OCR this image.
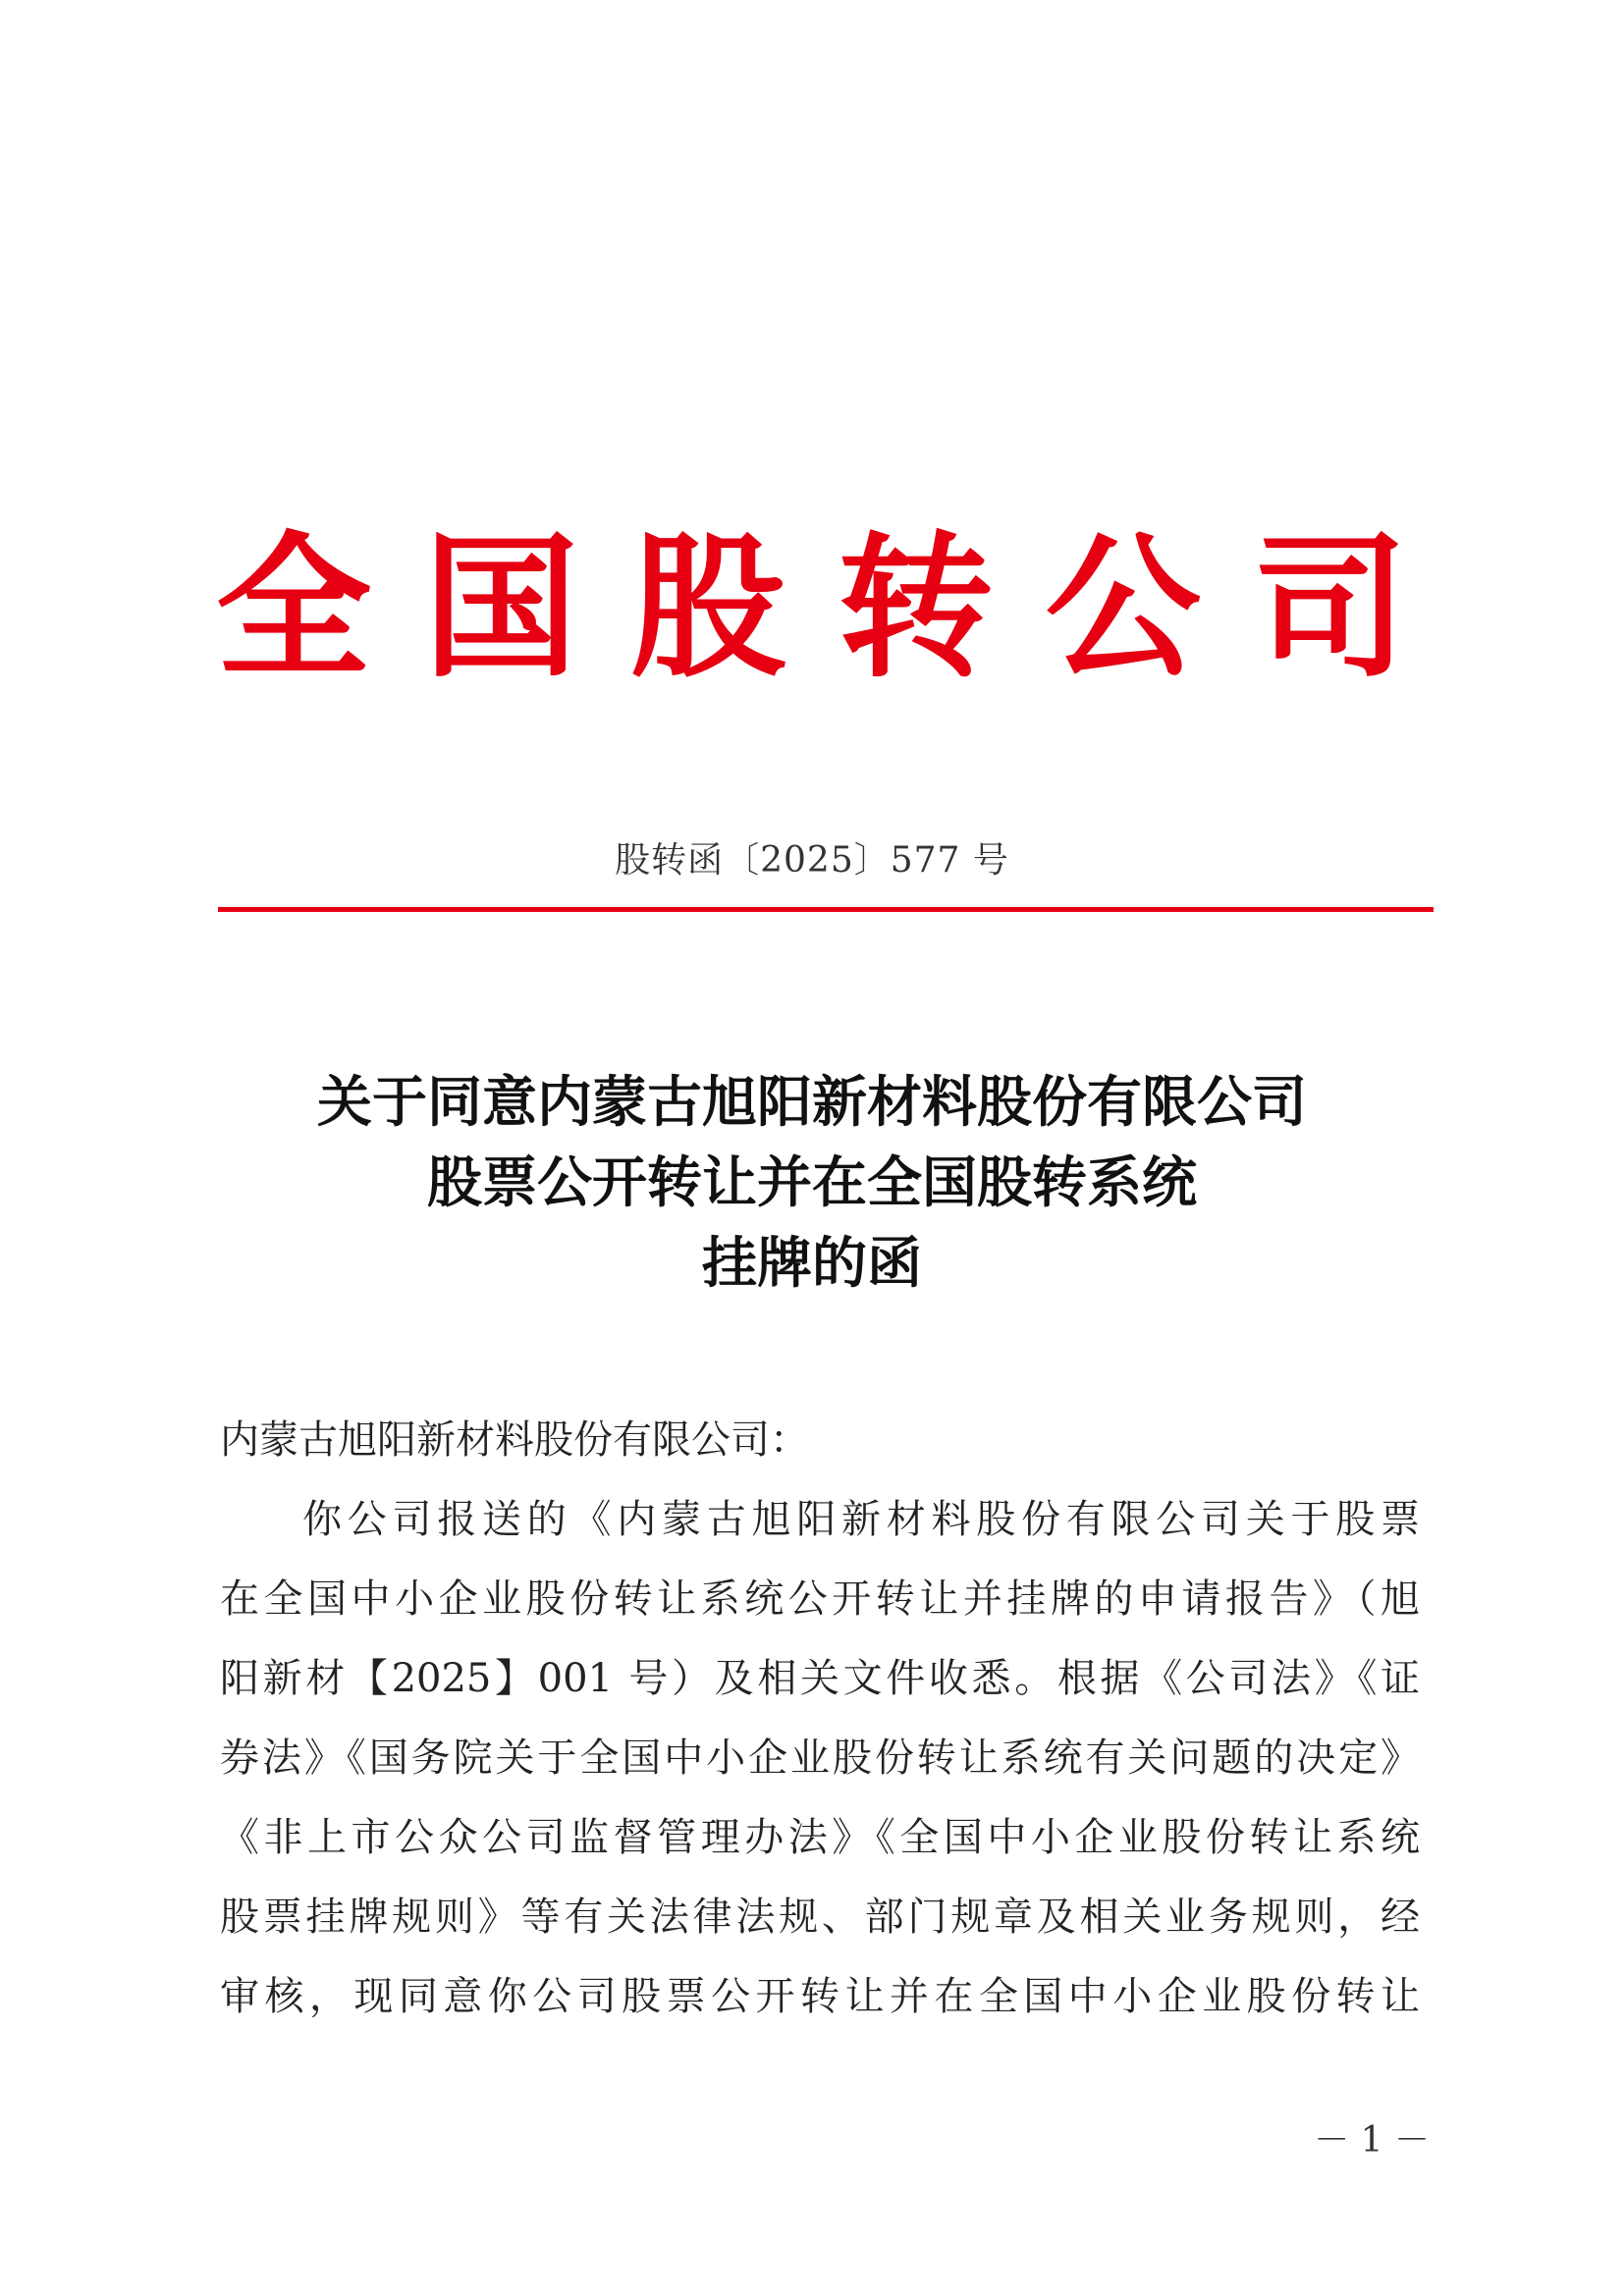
全 国 股 转 公 司
股转函〔2025〕577 号
关于同意内蒙古旭阳新材料股份有限公司
股票公开转让并在全国股转系统
挂牌的函
内蒙古旭阳新材料股份有限公司：
你公司报送的《内蒙古旭阳新材料股份有限公司关于股票
在全国中小企业股份转让系统公开转让并挂牌的申请报告》（旭
阳新材【2025】001 号）及相关文件收悉。根据《公司法》《证
券法》《国务院关于全国中小企业股份转让系统有关问题的决定》
《非上市公众公司监督管理办法》《全国中小企业股份转让系统
股票挂牌规则》等有关法律法规、部门规章及相关业务规则，经
审核，现同意你公司股票公开转让并在全国中小企业股份转让
－ 1 －
